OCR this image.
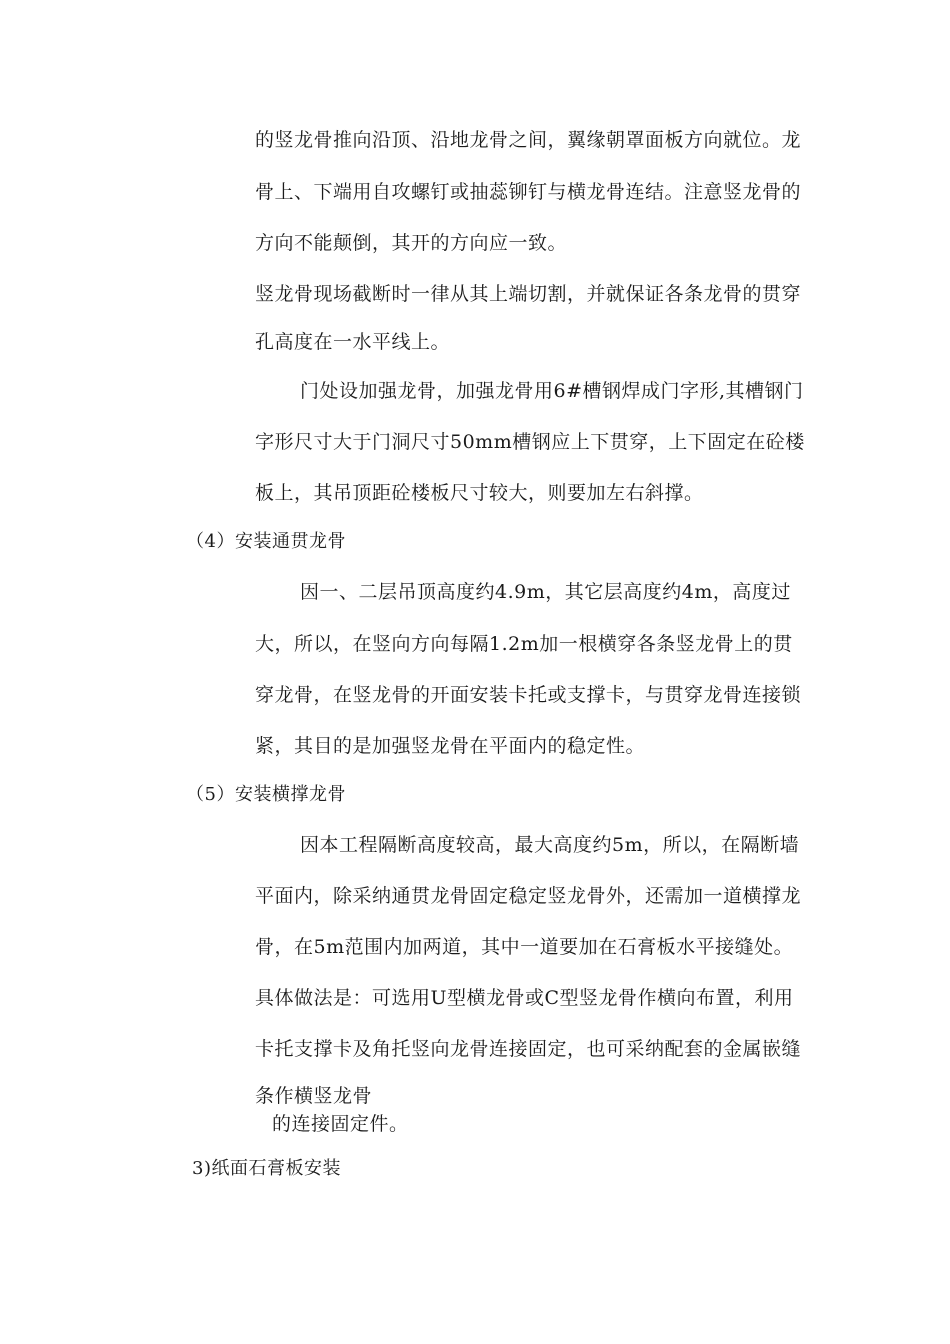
的竖龙骨推向沿顶、沿地龙骨之间，翼缘朝罩面板方向就位。龙
骨上、下端用自攻螺钉或抽蕊铆钉与横龙骨连结。注意竖龙骨的
方向不能颠倒，其开的方向应一致。
竖龙骨现场截断时一律从其上端切割，并就保证各条龙骨的贯穿
孔高度在一水平线上。
门处设加强龙骨，加强龙骨用6#槽钢焊成门字形,其槽钢门
字形尺寸大于门洞尺寸50mm槽钢应上下贯穿，上下固定在砼楼
板上，其吊顶距砼楼板尺寸较大，则要加左右斜撑。
（4）安装通贯龙骨
因一、二层吊顶高度约4.9m，其它层高度约4m，高度过
大，所以，在竖向方向每隔1.2m加一根横穿各条竖龙骨上的贯
穿龙骨，在竖龙骨的开面安装卡托或支撑卡，与贯穿龙骨连接锁
紧，其目的是加强竖龙骨在平面内的稳定性。
（5）安装横撑龙骨
因本工程隔断高度较高，最大高度约5m，所以，在隔断墙
平面内，除采纳通贯龙骨固定稳定竖龙骨外，还需加一道横撑龙
骨，在5m范围内加两道，其中一道要加在石膏板水平接缝处。
具体做法是：可选用U型横龙骨或C型竖龙骨作横向布置，利用
卡托支撑卡及角托竖向龙骨连接固定，也可采纳配套的金属嵌缝
条作横竖龙骨
的连接固定件。
3)纸面石膏板安装
